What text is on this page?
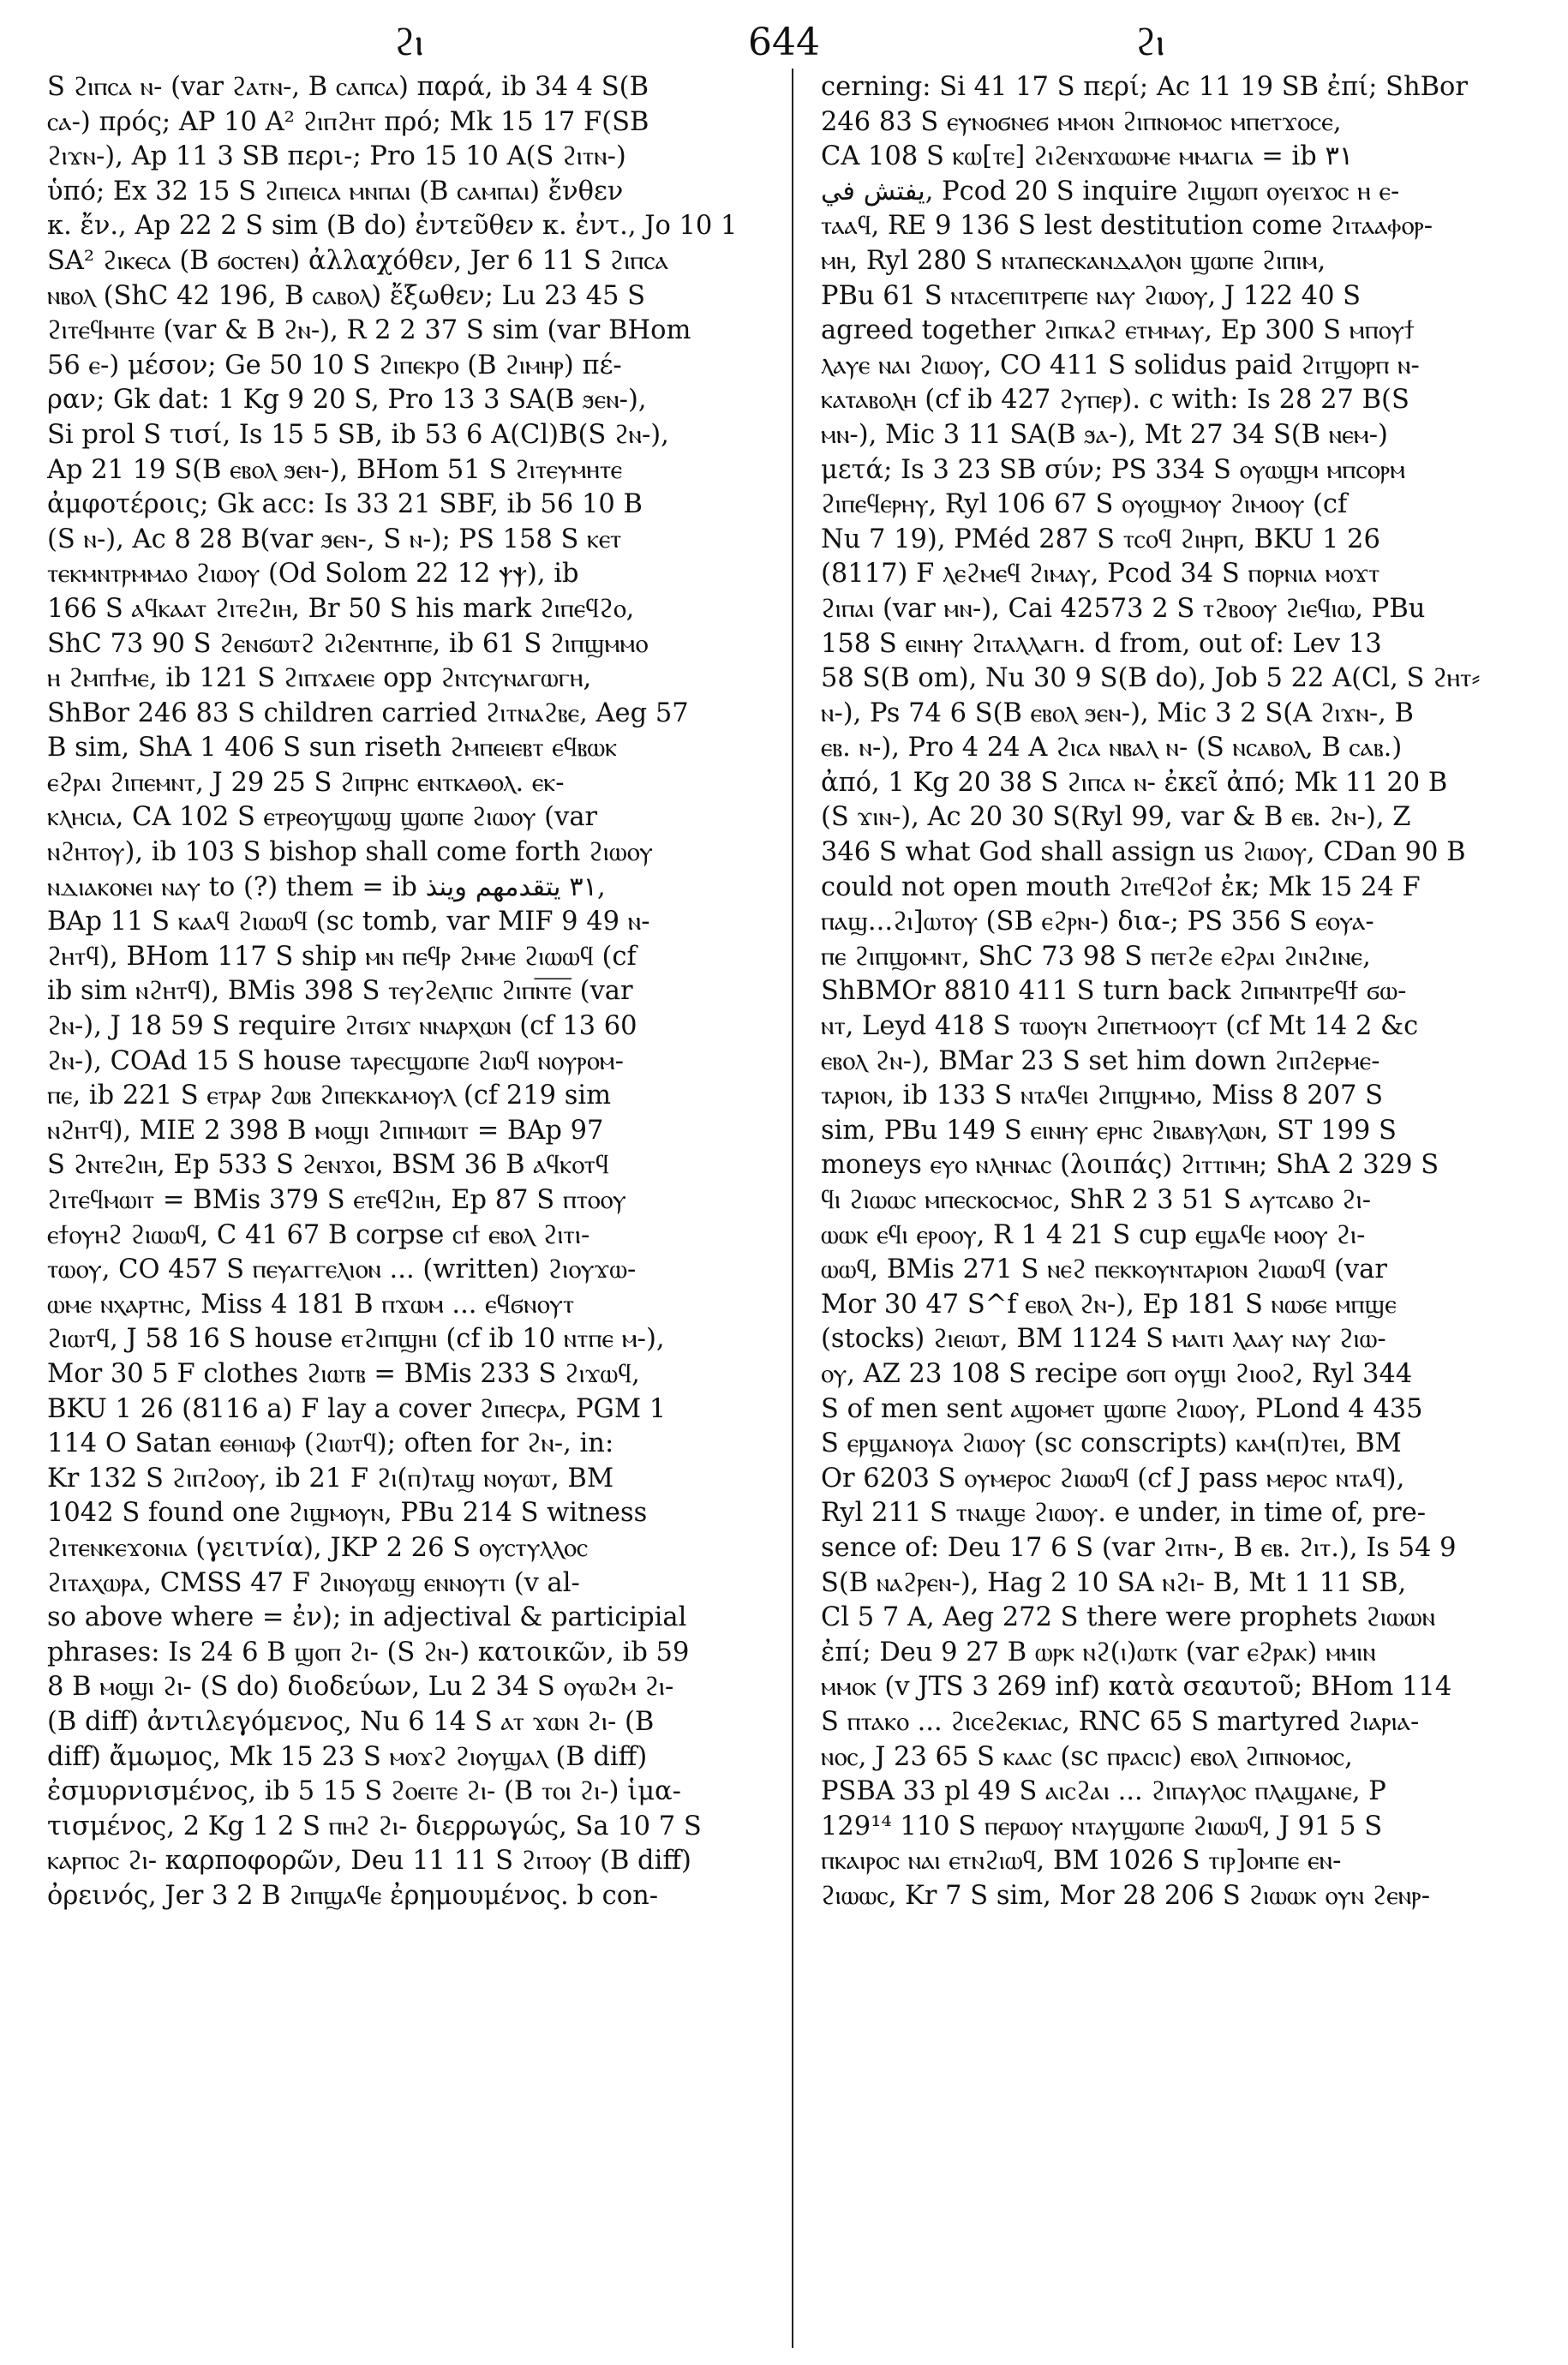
644
ϩⲓ	ϩⲓ

S ϩⲓⲡⲥⲁ ⲛ- (var ϩⲁⲧⲛ-, B ⲥⲁⲡⲥⲁ) παρά, ib 34 4 S(B

ⲥⲁ-) πρός; AP 10 A² ϩⲓⲡϩⲏⲧ πρό; Mk 15 17 F(SB

ϩⲓϫⲛ-), Ap 11 3 SB περι-; Pro 15 10 A(S ϩⲓⲧⲛ-)

ὑπό; Ex 32 15 S ϩⲓⲡⲉⲓⲥⲁ ⲙⲛⲡⲁⲓ (B ⲥⲁⲙⲡⲁⲓ) ἔνθεν

κ. ἔν., Ap 22 2 S sim (B do) ἐντεῦθεν κ. ἐντ., Jo 10 1

SA² ϩⲓⲕⲉⲥⲁ (B ϭⲟⲥⲧⲉⲛ) ἀλλαχόθεν, Jer 6 11 S ϩⲓⲡⲥⲁ

ⲛⲃⲟⲗ (ShC 42 196, B ⲥⲁⲃⲟⲗ) ἔξωθεν; Lu 23 45 S

ϩⲓⲧⲉϥⲙⲏⲧⲉ (var & B ϩⲛ-), R 2 2 37 S sim (var BHom

56 ⲉ-) μέσον; Ge 50 10 S ϩⲓⲡⲉⲕⲣⲟ (B ϩⲓⲙⲏⲣ) πέ-

ραν; Gk dat: 1 Kg 9 20 S, Pro 13 3 SA(B ϧⲉⲛ-),

Si prol S τισί, Is 15 5 SB, ib 53 6 A(Cl)B(S ϩⲛ-),

Ap 21 19 S(B ⲉⲃⲟⲗ ϧⲉⲛ-), BHom 51 S ϩⲓⲧⲉⲩⲙⲏⲧⲉ

ἀμφοτέροις; Gk acc: Is 33 21 SBF, ib 56 10 B

(S ⲛ-), Ac 8 28 B(var ϧⲉⲛ-, S ⲛ-); PS 158 S ⲕⲉⲧ

ⲧⲉⲕⲙⲛⲧⲣⲙⲙⲁⲟ ϩⲓⲱⲟⲩ (Od Solom 22 12 ⲯⲯ), ib

166 S ⲁϥⲕⲁⲁⲧ ϩⲓⲧⲉϩⲓⲏ, Br 50 S his mark ϩⲓⲡⲉϥϩⲟ,

ShC 73 90 S ϩⲉⲛϭⲱⲧϩ ϩⲓϩⲉⲛⲧⲏⲡⲉ, ib 61 S ϩⲓⲡϣⲙⲙⲟ

ⲏ ϩⲙⲡϯⲙⲉ, ib 121 S ϩⲓⲡϫⲁⲉⲓⲉ opp ϩⲛⲧⲥⲩⲛⲁⲅⲱⲅⲏ,

ShBor 246 83 S children carried ϩⲓⲧⲛⲁϩⲃⲉ, Aeg 57

B sim, ShA 1 406 S sun riseth ϩⲙⲡⲉⲓⲉⲃⲧ ⲉϥⲃⲱⲕ

ⲉϩⲣⲁⲓ ϩⲓⲡⲉⲙⲛⲧ, J 29 25 S ϩⲓⲡⲣⲏⲥ ⲉⲛⲧⲕⲁⲑⲟⲗ. ⲉⲕ-

ⲕⲗⲏⲥⲓⲁ, CA 102 S ⲉⲧⲣⲉⲟⲩϣⲱϣ ϣⲱⲡⲉ ϩⲓⲱⲟⲩ (var

ⲛϩⲏⲧⲟⲩ), ib 103 S bishop shall come forth ϩⲓⲱⲟⲩ

ⲛⲇⲓⲁⲕⲟⲛⲉⲓ ⲛⲁⲩ to (?) them = ib ٣١ يتقدمهم وينذ,

BAp 11 S ⲕⲁⲁϥ ϩⲓⲱⲱϥ (sc tomb, var MIF 9 49 ⲛ-

ϩⲏⲧϥ), BHom 117 S ship ⲙⲛ ⲡⲉϥⲣ ϩⲙⲙⲉ ϩⲓⲱⲱϥ (cf

ib sim ⲛϩⲏⲧϥ), BMis 398 S ⲧⲉⲩϩⲉⲗⲡⲓⲥ ϩⲓⲡⲛ̅ⲧ̅ⲉ̅ (var

ϩⲛ-), J 18 59 S require ϩⲓⲧϭⲓϫ ⲛⲛⲁⲣⲭⲱⲛ (cf 13 60

ϩⲛ-), COAd 15 S house ⲧⲁⲣⲉⲥϣⲱⲡⲉ ϩⲓⲱϥ ⲛⲟⲩⲣⲟⲙ-

ⲡⲉ, ib 221 S ⲉⲧⲣⲁⲣ ϩⲱⲃ ϩⲓⲡⲉⲕⲕⲁⲙⲟⲩⲗ (cf 219 sim

ⲛϩⲏⲧϥ), MIE 2 398 B ⲙⲟϣⲓ ϩⲓⲡⲓⲙⲱⲓⲧ = BAp 97

S ϩⲛⲧⲉϩⲓⲏ, Ep 533 S ϩⲉⲛϫⲟⲓ, BSM 36 B ⲁϥⲕⲟⲧϥ

ϩⲓⲧⲉϥⲙⲱⲓⲧ = BMis 379 S ⲉⲧⲉϥϩⲓⲏ, Ep 87 S ⲡⲧⲟⲟⲩ

ⲉϯⲟⲩⲏϩ ϩⲓⲱⲱϥ, C 41 67 B corpse ⲥⲓϯ ⲉⲃⲟⲗ ϩⲓⲧⲓ-

ⲧⲱⲟⲩ, CO 457 S ⲡⲉⲩⲁⲅⲅⲉⲗⲓⲟⲛ ... (written) ϩⲓⲟⲩϫⲱ-

ⲱⲙⲉ ⲛⲭⲁⲣⲧⲏⲥ, Miss 4 181 B ⲡϫⲱⲙ ... ⲉϥϭⲛⲟⲩⲧ

ϩⲓⲱⲧϥ, J 58 16 S house ⲉⲧϩⲓⲡϣⲏⲓ (cf ib 10 ⲛⲧⲡⲉ ⲙ-),

Mor 30 5 F clothes ϩⲓⲱⲧⲃ = BMis 233 S ϩⲓϫⲱϥ,

BKU 1 26 (8116 a) F lay a cover ϩⲓⲡⲉⲥⲣⲁ, PGM 1

114 O Satan ⲉⲑⲏⲓⲱⲫ (ϩⲓⲱⲧϥ); often for ϩⲛ-, in:

Kr 132 S ϩⲓⲡϩⲟⲟⲩ, ib 21 F ϩⲓ(ⲡ)ⲧⲁϣ ⲛⲟⲩⲱⲧ, BM

1042 S found one ϩⲓϣⲙⲟⲩⲛ, PBu 214 S witness

ϩⲓⲧⲉⲛⲕⲉϫⲟⲛⲓⲁ (γειτνία), JKP 2 26 S ⲟⲩⲥⲧⲩⲗⲗⲟⲥ

ϩⲓⲧⲁⲭⲱⲣⲁ, CMSS 47 F ϩⲓⲛⲟⲩⲱϣ ⲉⲛⲛⲟⲩⲧⲓ (v al-

so above where = ἐν); in adjectival & participial

phrases: Is 24 6 B ϣⲟⲡ ϩⲓ- (S ϩⲛ-) κατοικῶν, ib 59

8 B ⲙⲟϣⲓ ϩⲓ- (S do) διοδεύων, Lu 2 34 S ⲟⲩⲱϩⲙ ϩⲓ-

(B diff) ἀντιλεγόμενος, Nu 6 14 S ⲁⲧ ϫⲱⲛ ϩⲓ- (B

diff) ἄμωμος, Mk 15 23 S ⲙⲟϫϩ ϩⲓⲟⲩϣⲁⲗ (B diff)

ἐσμυρνισμένος, ib 5 15 S ϩⲟⲉⲓⲧⲉ ϩⲓ- (B ⲧⲟⲓ ϩⲓ-) ἱμα-

τισμένος, 2 Kg 1 2 S ⲡⲏϩ ϩⲓ- διερρωγώς, Sa 10 7 S

ⲕⲁⲣⲡⲟⲥ ϩⲓ- καρποφορῶν, Deu 11 11 S ϩⲓⲧⲟⲟⲩ (B diff)

ὀρεινός, Jer 3 2 B ϩⲓⲡϣⲁϥⲉ ἐρημουμένος. b con-

cerning: Si 41 17 S περί; Ac 11 19 SB ἐπί; ShBor

246 83 S ⲉⲩⲛⲟϭⲛⲉϭ ⲙⲙⲟⲛ ϩⲓⲡⲛⲟⲙⲟⲥ ⲙⲡⲉⲧϫⲟⲥⲉ,

CA 108 S ⲕⲱ[ⲧⲉ] ϩⲓϩⲉⲛϫⲱⲱⲙⲉ ⲙⲙⲁⲅⲓⲁ = ib ٣١

يفتش في, Pcod 20 S inquire ϩⲓϣⲱⲡ ⲟⲩⲉⲓϫⲟⲥ ⲏ ⲉ-

ⲧⲁⲁϥ, RE 9 136 S lest destitution come ϩⲓⲧⲁⲁⲫⲟⲣ-

ⲙⲏ, Ryl 280 S ⲛⲧⲁⲡⲉⲥⲕⲁⲛⲇⲁⲗⲟⲛ ϣⲱⲡⲉ ϩⲓⲡⲓⲙ,

PBu 61 S ⲛⲧⲁⲥⲉⲡⲓⲧⲣⲉⲡⲉ ⲛⲁⲩ ϩⲓⲱⲟⲩ, J 122 40 S

agreed together ϩⲓⲡⲕⲁϩ ⲉⲧⲙⲙⲁⲩ, Ep 300 S ⲙⲡⲟⲩϯ

ⲗⲁⲩⲉ ⲛⲁⲓ ϩⲓⲱⲟⲩ, CO 411 S solidus paid ϩⲓⲧϣⲟⲣⲡ ⲛ-

ⲕⲁⲧⲁⲃⲟⲗⲏ (cf ib 427 ϩⲩⲡⲉⲣ). c with: Is 28 27 B(S

ⲙⲛ-), Mic 3 11 SA(B ϧⲁ-), Mt 27 34 S(B ⲛⲉⲙ-)

μετά; Is 3 23 SB σύν; PS 334 S ⲟⲩⲱϣⲙ ⲙⲡⲥⲟⲣⲙ

ϩⲓⲡⲉϥⲉⲣⲏⲩ, Ryl 106 67 S ⲟⲩⲟϣⲙⲟⲩ ϩⲓⲙⲟⲟⲩ (cf

Nu 7 19), PMéd 287 S ⲧⲥⲟϥ ϩⲓⲏⲣⲡ, BKU 1 26

(8117) F ⲗⲉϩⲙⲉϥ ϩⲓⲙⲁⲩ, Pcod 34 S ⲡⲟⲣⲛⲓⲁ ⲙⲟϫⲧ

ϩⲓⲡⲁⲓ (var ⲙⲛ-), Cai 42573 2 S ⲧϩⲃⲟⲟⲩ ϩⲓⲉϥⲓⲱ, PBu

158 S ⲉⲓⲛⲏⲩ ϩⲓⲧⲁⲗⲗⲁⲅⲏ. d from, out of: Lev 13

58 S(B om), Nu 30 9 S(B do), Job 5 22 A(Cl, S ϩⲏⲧ⸗

ⲛ-), Ps 74 6 S(B ⲉⲃⲟⲗ ϧⲉⲛ-), Mic 3 2 S(A ϩⲓϫⲛ-, B

ⲉⲃ. ⲛ-), Pro 4 24 A ϩⲓⲥⲁ ⲛⲃⲁⲗ ⲛ- (S ⲛⲥⲁⲃⲟⲗ, B ⲥⲁⲃ.)

ἀπό, 1 Kg 20 38 S ϩⲓⲡⲥⲁ ⲛ- ἐκεῖ ἀπό; Mk 11 20 B

(S ϫⲓⲛ-), Ac 20 30 S(Ryl 99, var & B ⲉⲃ. ϩⲛ-), Z

346 S what God shall assign us ϩⲓⲱⲟⲩ, CDan 90 B

could not open mouth ϩⲓⲧⲉϥϩⲟϯ ἐκ; Mk 15 24 F

ⲡⲁϣ...ϩⲓ]ⲱⲧⲟⲩ (SB ⲉϩⲣⲛ-) δια-; PS 356 S ⲉⲟⲩⲁ-

ⲡⲉ ϩⲓⲡϣⲟⲙⲛⲧ, ShC 73 98 S ⲡⲉⲧϩⲉ ⲉϩⲣⲁⲓ ϩⲓⲛϩⲓⲛⲉ,

ShBMOr 8810 411 S turn back ϩⲓⲡⲙⲛⲧⲣⲉϥϯ ϭⲱ-

ⲛⲧ, Leyd 418 S ⲧⲱⲟⲩⲛ ϩⲓⲡⲉⲧⲙⲟⲟⲩⲧ (cf Mt 14 2 &c

ⲉⲃⲟⲗ ϩⲛ-), BMar 23 S set him down ϩⲓⲡϩⲉⲣⲙⲉ-

ⲧⲁⲣⲓⲟⲛ, ib 133 S ⲛⲧⲁϥⲉⲓ ϩⲓⲡϣⲙⲙⲟ, Miss 8 207 S

sim, PBu 149 S ⲉⲓⲛⲏⲩ ⲉⲣⲏⲥ ϩⲓⲃⲁⲃⲩⲗⲱⲛ, ST 199 S

moneys ⲉⲩⲟ ⲛⲗⲏⲛⲁⲥ (λοιπάς) ϩⲓⲧⲧⲓⲙⲏ; ShA 2 329 S

ϥⲓ ϩⲓⲱⲱⲥ ⲙⲡⲉⲥⲕⲟⲥⲙⲟⲥ, ShR 2 3 51 S ⲁⲩⲧⲥⲁⲃⲟ ϩⲓ-

ⲱⲱⲕ ⲉϥⲓ ⲉⲣⲟⲟⲩ, R 1 4 21 S cup ⲉϣⲁϥⲉ ⲙⲟⲟⲩ ϩⲓ-

ⲱⲱϥ, BMis 271 S ⲛⲉϩ ⲡⲉⲕⲕⲟⲩⲛⲧⲁⲣⲓⲟⲛ ϩⲓⲱⲱϥ (var

Mor 30 47 S^f ⲉⲃⲟⲗ ϩⲛ-), Ep 181 S ⲛⲱϭⲉ ⲙⲡϣⲉ

(stocks) ϩⲓⲉⲓⲱⲧ, BM 1124 S ⲙⲁⲓⲧⲓ ⲗⲁⲁⲩ ⲛⲁⲩ ϩⲓⲱ-

ⲟⲩ, AZ 23 108 S recipe ϭⲟⲡ ⲟⲩϣⲓ ϩⲓⲟⲟϩ, Ryl 344

S of men sent ⲁϣⲟⲙⲉⲧ ϣⲱⲡⲉ ϩⲓⲱⲟⲩ, PLond 4 435

S ⲉⲣϣⲁⲛⲟⲩⲁ ϩⲓⲱⲟⲩ (sc conscripts) ⲕⲁⲙ(ⲡ)ⲧⲉⲓ, BM

Or 6203 S ⲟⲩⲙⲉⲣⲟⲥ ϩⲓⲱⲱϥ (cf J pass ⲙⲉⲣⲟⲥ ⲛⲧⲁϥ),

Ryl 211 S ⲧⲛⲁϣⲉ ϩⲓⲱⲟⲩ. e under, in time of, pre-

sence of: Deu 17 6 S (var ϩⲓⲧⲛ-, B ⲉⲃ. ϩⲓⲧ.), Is 54 9

S(B ⲛⲁϩⲣⲉⲛ-), Hag 2 10 SA ⲛϩⲓ- B, Mt 1 11 SB,

Cl 5 7 A, Aeg 272 S there were prophets ϩⲓⲱⲱⲛ

ἐπί; Deu 9 27 B ⲱⲣⲕ ⲛϩ(ⲓ)ⲱⲧⲕ (var ⲉϩⲣⲁⲕ) ⲙⲙⲓⲛ

ⲙⲙⲟⲕ (v JTS 3 269 inf) κατὰ σεαυτοῦ; BHom 114

S ⲡⲧⲁⲕⲟ ... ϩⲓⲥⲉϩⲉⲕⲓⲁⲥ, RNC 65 S martyred ϩⲓⲁⲣⲓⲁ-

ⲛⲟⲥ, J 23 65 S ⲕⲁⲁⲥ (sc ⲡⲣⲁⲥⲓⲥ) ⲉⲃⲟⲗ ϩⲓⲡⲛⲟⲙⲟⲥ,

PSBA 33 pl 49 S ⲁⲓⲥϩⲁⲓ ... ϩⲓⲡⲁⲩⲗⲟⲥ ⲡⲗⲁϣⲁⲛⲉ, P

129¹⁴ 110 S ⲡⲉⲣⲱⲟⲩ ⲛⲧⲁⲩϣⲱⲡⲉ ϩⲓⲱⲱϥ, J 91 5 S

ⲡⲕⲁⲓⲣⲟⲥ ⲛⲁⲓ ⲉⲧⲛϩⲓⲱϥ, BM 1026 S ⲧⲓⲣ]ⲟⲙⲡⲉ ⲉⲛ-

ϩⲓⲱⲱⲥ, Kr 7 S sim, Mor 28 206 S ϩⲓⲱⲱⲕ ⲟⲩⲛ ϩⲉⲛⲣ-
